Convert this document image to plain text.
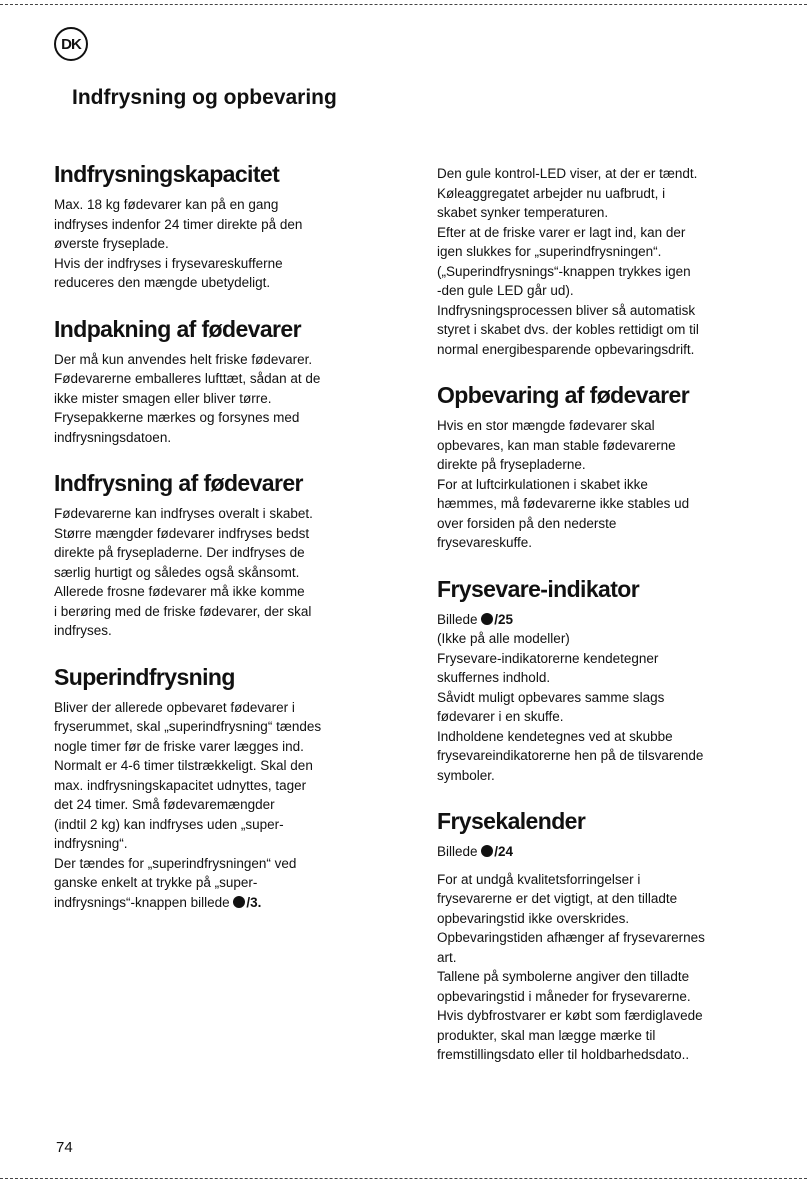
DK
Indfrysning og opbevaring
Indfrysningskapacitet

Max. 18 kg fødevarer kan på en gang

indfryses indenfor 24 timer direkte på den

øverste fryseplade.

Hvis der indfryses i frysevareskufferne

reduceres den mængde ubetydeligt.

Indpakning af fødevarer

Der må kun anvendes helt friske fødevarer.

Fødevarerne emballeres lufttæt, sådan at de

ikke mister smagen eller bliver tørre.

Frysepakkerne mærkes og forsynes med

indfrysningsdatoen.

Indfrysning af fødevarer

Fødevarerne kan indfryses overalt i skabet.

Større mængder fødevarer indfryses bedst

direkte på frysepladerne. Der indfryses de

særlig hurtigt og således også skånsomt.

Allerede frosne fødevarer må ikke komme

i berøring med de friske fødevarer, der skal

indfryses.

Superindfrysning

Bliver der allerede opbevaret fødevarer i

fryserummet, skal „superindfrysning“ tændes

nogle timer før de friske varer lægges ind.

Normalt er 4-6 timer tilstrækkeligt. Skal den

max. indfrysningskapacitet udnyttes, tager

det 24 timer. Små fødevaremængder

(indtil 2 kg) kan indfryses uden „super-

indfrysning“.

Der tændes for „superindfrysningen“ ved

ganske enkelt at trykke på „super-

indfrysnings“-knappen billede /3.

Den gule kontrol-LED viser, at der er tændt.

Køleaggregatet arbejder nu uafbrudt, i

skabet synker temperaturen.

Efter at de friske varer er lagt ind, kan der

igen slukkes for „superindfrysningen“.

(„Superindfrysnings“-knappen trykkes igen

-den gule LED går ud).

Indfrysningsprocessen bliver så automatisk

styret i skabet dvs. der kobles rettidigt om til

normal energibesparende opbevaringsdrift.

Opbevaring af fødevarer

Hvis en stor mængde fødevarer skal

opbevares, kan man stable fødevarerne

direkte på frysepladerne.

For at luftcirkulationen i skabet ikke

hæmmes, må fødevarerne ikke stables ud

over forsiden på den nederste

frysevareskuffe.

Frysevare-indikator

Billede /25

(Ikke på alle modeller)

Frysevare-indikatorerne kendetegner

skuffernes indhold.

Såvidt muligt opbevares samme slags

fødevarer i en skuffe.

Indholdene kendetegnes ved at skubbe

frysevareindikatorerne hen på de tilsvarende

symboler.

Frysekalender

Billede /24

For at undgå kvalitetsforringelser i

frysevarerne er det vigtigt, at den tilladte

opbevaringstid ikke overskrides.

Opbevaringstiden afhænger af frysevarernes

art.

Tallene på symbolerne angiver den tilladte

opbevaringstid i måneder for frysevarerne.

Hvis dybfrostvarer er købt som færdiglavede

produkter, skal man lægge mærke til

fremstillingsdato eller til holdbarhedsdato..

74
